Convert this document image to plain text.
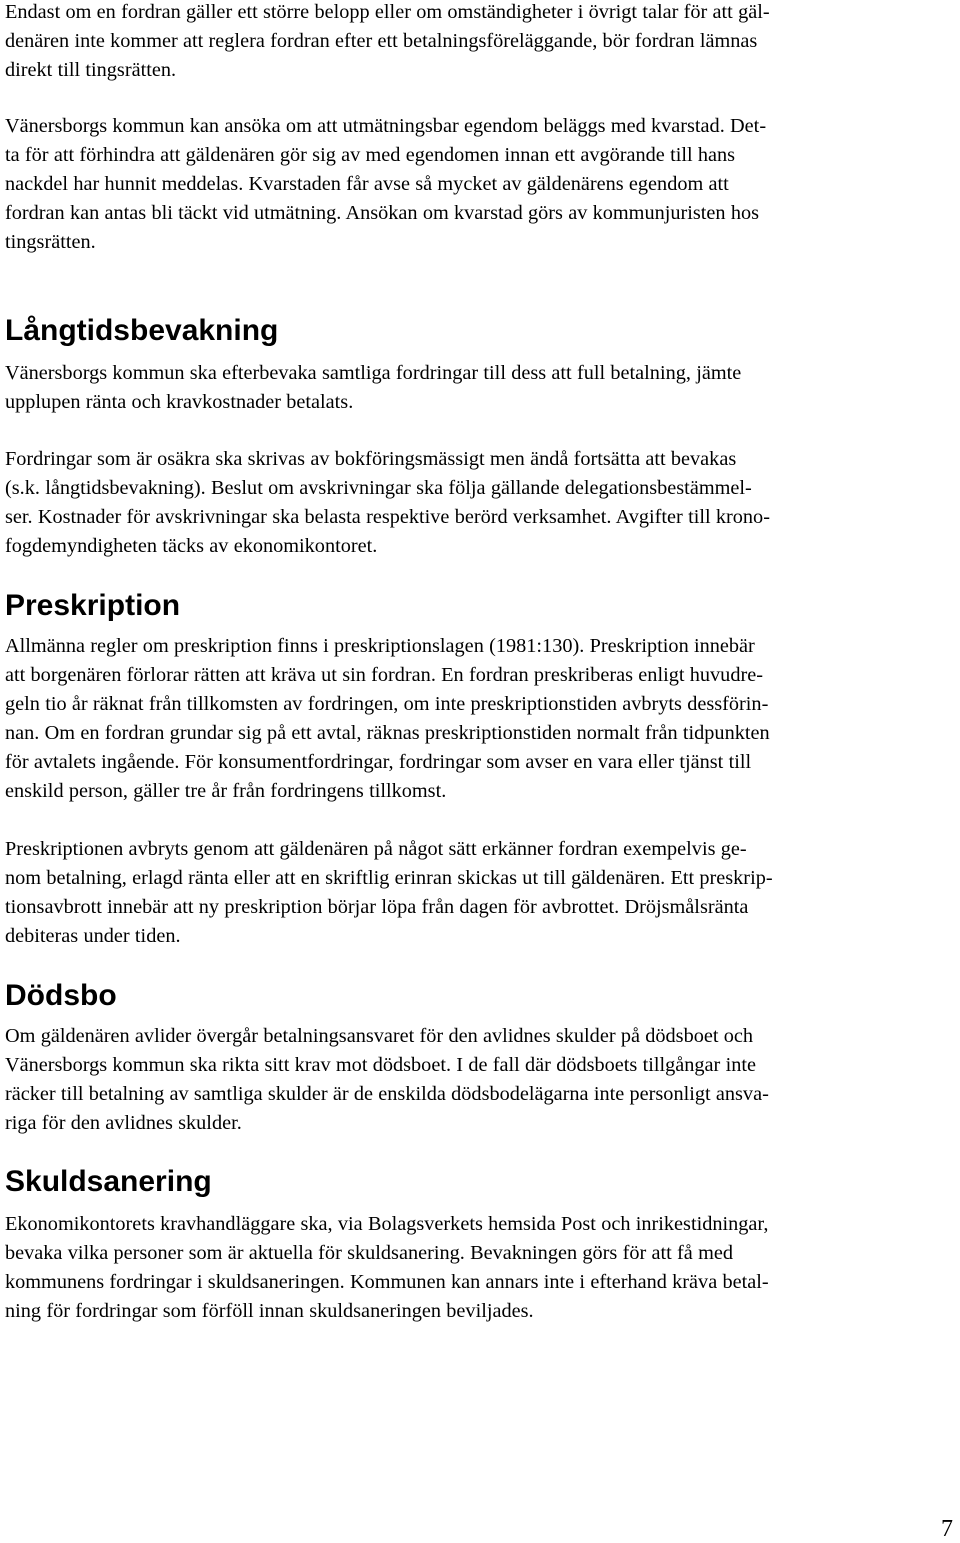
Endast om en fordran gäller ett större belopp eller om omständigheter i övrigt talar för att gäl-
denären inte kommer att reglera fordran efter ett betalningsföreläggande, bör fordran lämnas
direkt till tingsrätten.

Vänersborgs kommun kan ansöka om att utmätningsbar egendom beläggs med kvarstad. Det-
ta för att förhindra att gäldenären gör sig av med egendomen innan ett avgörande till hans
nackdel har hunnit meddelas. Kvarstaden får avse så mycket av gäldenärens egendom att
fordran kan antas bli täckt vid utmätning. Ansökan om kvarstad görs av kommunjuristen hos
tingsrätten.

Långtidsbevakning

Vänersborgs kommun ska efterbevaka samtliga fordringar till dess att full betalning, jämte
upplupen ränta och kravkostnader betalats.

Fordringar som är osäkra ska skrivas av bokföringsmässigt men ändå fortsätta att bevakas
(s.k. långtidsbevakning). Beslut om avskrivningar ska följa gällande delegationsbestämmel-
ser. Kostnader för avskrivningar ska belasta respektive berörd verksamhet. Avgifter till krono-
fogdemyndigheten täcks av ekonomikontoret.

Preskription

Allmänna regler om preskription finns i preskriptionslagen (1981:130). Preskription innebär
att borgenären förlorar rätten att kräva ut sin fordran. En fordran preskriberas enligt huvudre-
geln tio år räknat från tillkomsten av fordringen, om inte preskriptionstiden avbryts dessförin-
nan. Om en fordran grundar sig på ett avtal, räknas preskriptionstiden normalt från tidpunkten
för avtalets ingående. För konsumentfordringar, fordringar som avser en vara eller tjänst till
enskild person, gäller tre år från fordringens tillkomst.

Preskriptionen avbryts genom att gäldenären på något sätt erkänner fordran exempelvis ge-
nom betalning, erlagd ränta eller att en skriftlig erinran skickas ut till gäldenären. Ett preskrip-
tionsavbrott innebär att ny preskription börjar löpa från dagen för avbrottet. Dröjsmålsränta
debiteras under tiden.

Dödsbo

Om gäldenären avlider övergår betalningsansvaret för den avlidnes skulder på dödsboet och
Vänersborgs kommun ska rikta sitt krav mot dödsboet. I de fall där dödsboets tillgångar inte
räcker till betalning av samtliga skulder är de enskilda dödsbodelägarna inte personligt ansva-
riga för den avlidnes skulder.

Skuldsanering

Ekonomikontorets kravhandläggare ska, via Bolagsverkets hemsida Post och inrikestidningar,
bevaka vilka personer som är aktuella för skuldsanering. Bevakningen görs för att få med
kommunens fordringar i skuldsaneringen. Kommunen kan annars inte i efterhand kräva betal-
ning för fordringar som förföll innan skuldsaneringen beviljades.

7
